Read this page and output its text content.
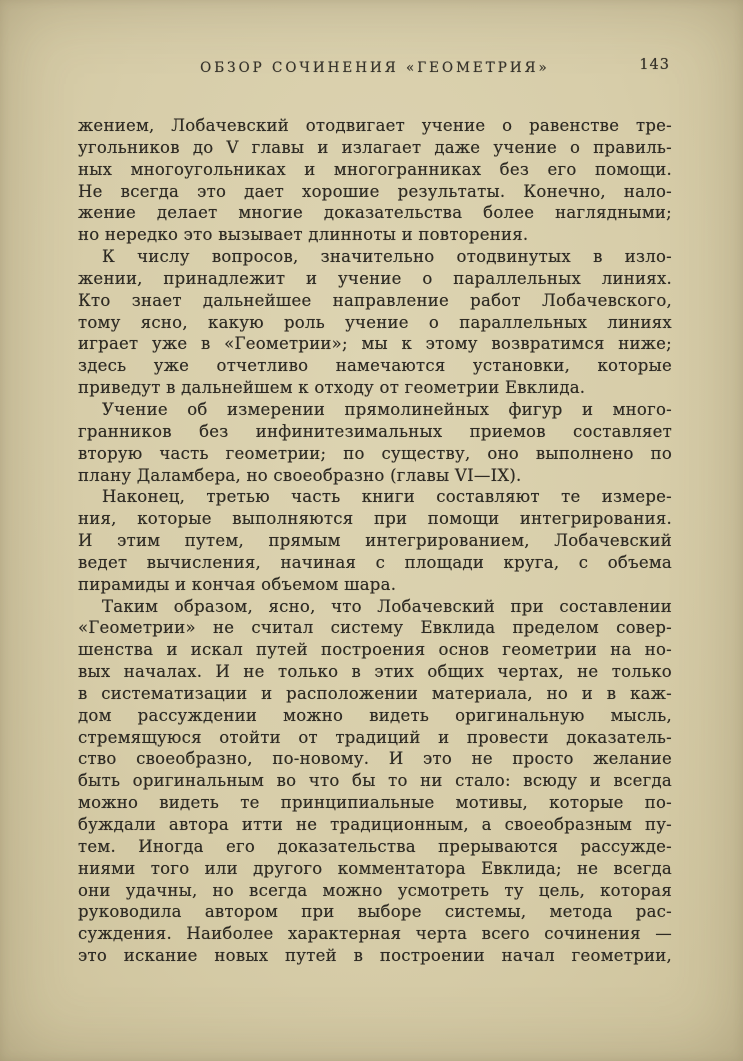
ОБЗОР СОЧИНЕНИЯ «ГЕОМЕТРИЯ»	143

жением, Лобачевский отодвигает учение о равенстве тре-
угольников до V главы и излагает даже учение о правиль-
ных многоугольниках и многогранниках без его помощи.
Не всегда это дает хорошие результаты. Конечно, нало-
жение делает многие доказательства более наглядными;
но нередко это вызывает длинноты и повторения.

К числу вопросов, значительно отодвинутых в изло-
жении, принадлежит и учение о параллельных линиях.
Кто знает дальнейшее направление работ Лобачевского,
тому ясно, какую роль учение о параллельных линиях
играет уже в «Геометрии»; мы к этому возвратимся ниже;
здесь уже отчетливо намечаются установки, которые
приведут в дальнейшем к отходу от геометрии Евклида.

Учение об измерении прямолинейных фигур и много-
гранников без инфинитезимальных приемов составляет
вторую часть геометрии; по существу, оно выполнено по
плану Даламбера, но своеобразно (главы VI—IX).

Наконец, третью часть книги составляют те измере-
ния, которые выполняются при помощи интегрирования.
И этим путем, прямым интегрированием, Лобачевский
ведет вычисления, начиная с площади круга, с объема
пирамиды и кончая объемом шара.

Таким образом, ясно, что Лобачевский при составлении
«Геометрии» не считал систему Евклида пределом совер-
шенства и искал путей построения основ геометрии на но-
вых началах. И не только в этих общих чертах, не только
в систематизации и расположении материала, но и в каж-
дом рассуждении можно видеть оригинальную мысль,
стремящуюся отойти от традиций и провести доказатель-
ство своеобразно, по-новому. И это не просто желание
быть оригинальным во что бы то ни стало: всюду и всегда
можно видеть те принципиальные мотивы, которые по-
буждали автора итти не традиционным, а своеобразным пу-
тем. Иногда его доказательства прерываются рассужде-
ниями того или другого комментатора Евклида; не всегда
они удачны, но всегда можно усмотреть ту цель, которая
руководила автором при выборе системы, метода рас-
суждения. Наиболее характерная черта всего сочинения —
это искание новых путей в построении начал геометрии,
